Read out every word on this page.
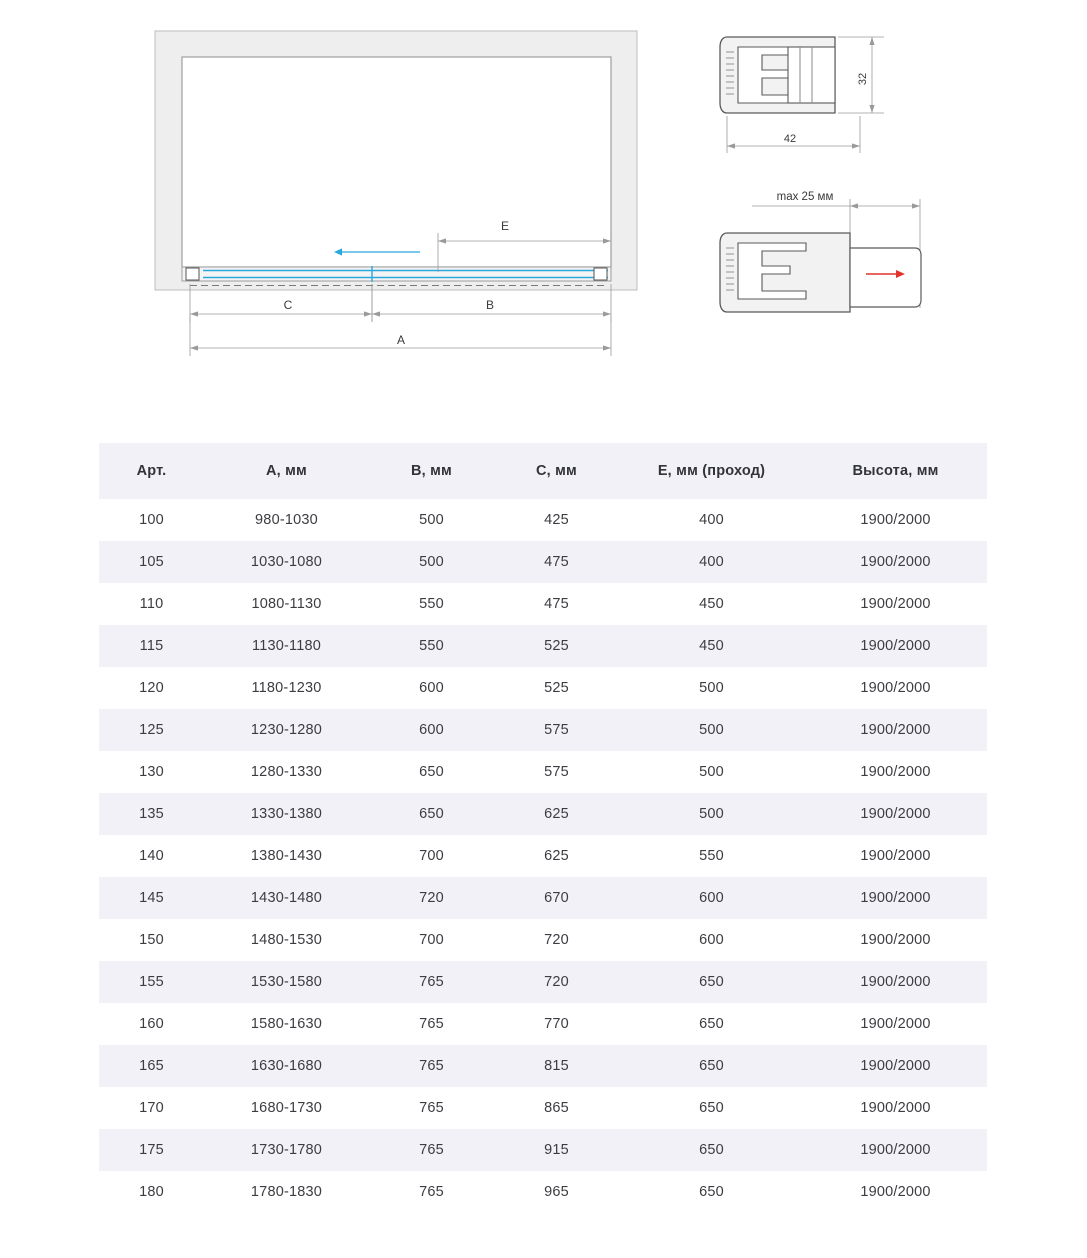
E
B
C
A
32
42
max 25 мм
Арт.	A, мм	B, мм	C, мм	E, мм (проход)	Высота, мм
100	980-1030	500	425	400	1900/2000
105	1030-1080	500	475	400	1900/2000
110	1080-1130	550	475	450	1900/2000
115	1130-1180	550	525	450	1900/2000
120	1180-1230	600	525	500	1900/2000
125	1230-1280	600	575	500	1900/2000
130	1280-1330	650	575	500	1900/2000
135	1330-1380	650	625	500	1900/2000
140	1380-1430	700	625	550	1900/2000
145	1430-1480	720	670	600	1900/2000
150	1480-1530	700	720	600	1900/2000
155	1530-1580	765	720	650	1900/2000
160	1580-1630	765	770	650	1900/2000
165	1630-1680	765	815	650	1900/2000
170	1680-1730	765	865	650	1900/2000
175	1730-1780	765	915	650	1900/2000
180	1780-1830	765	965	650	1900/2000
